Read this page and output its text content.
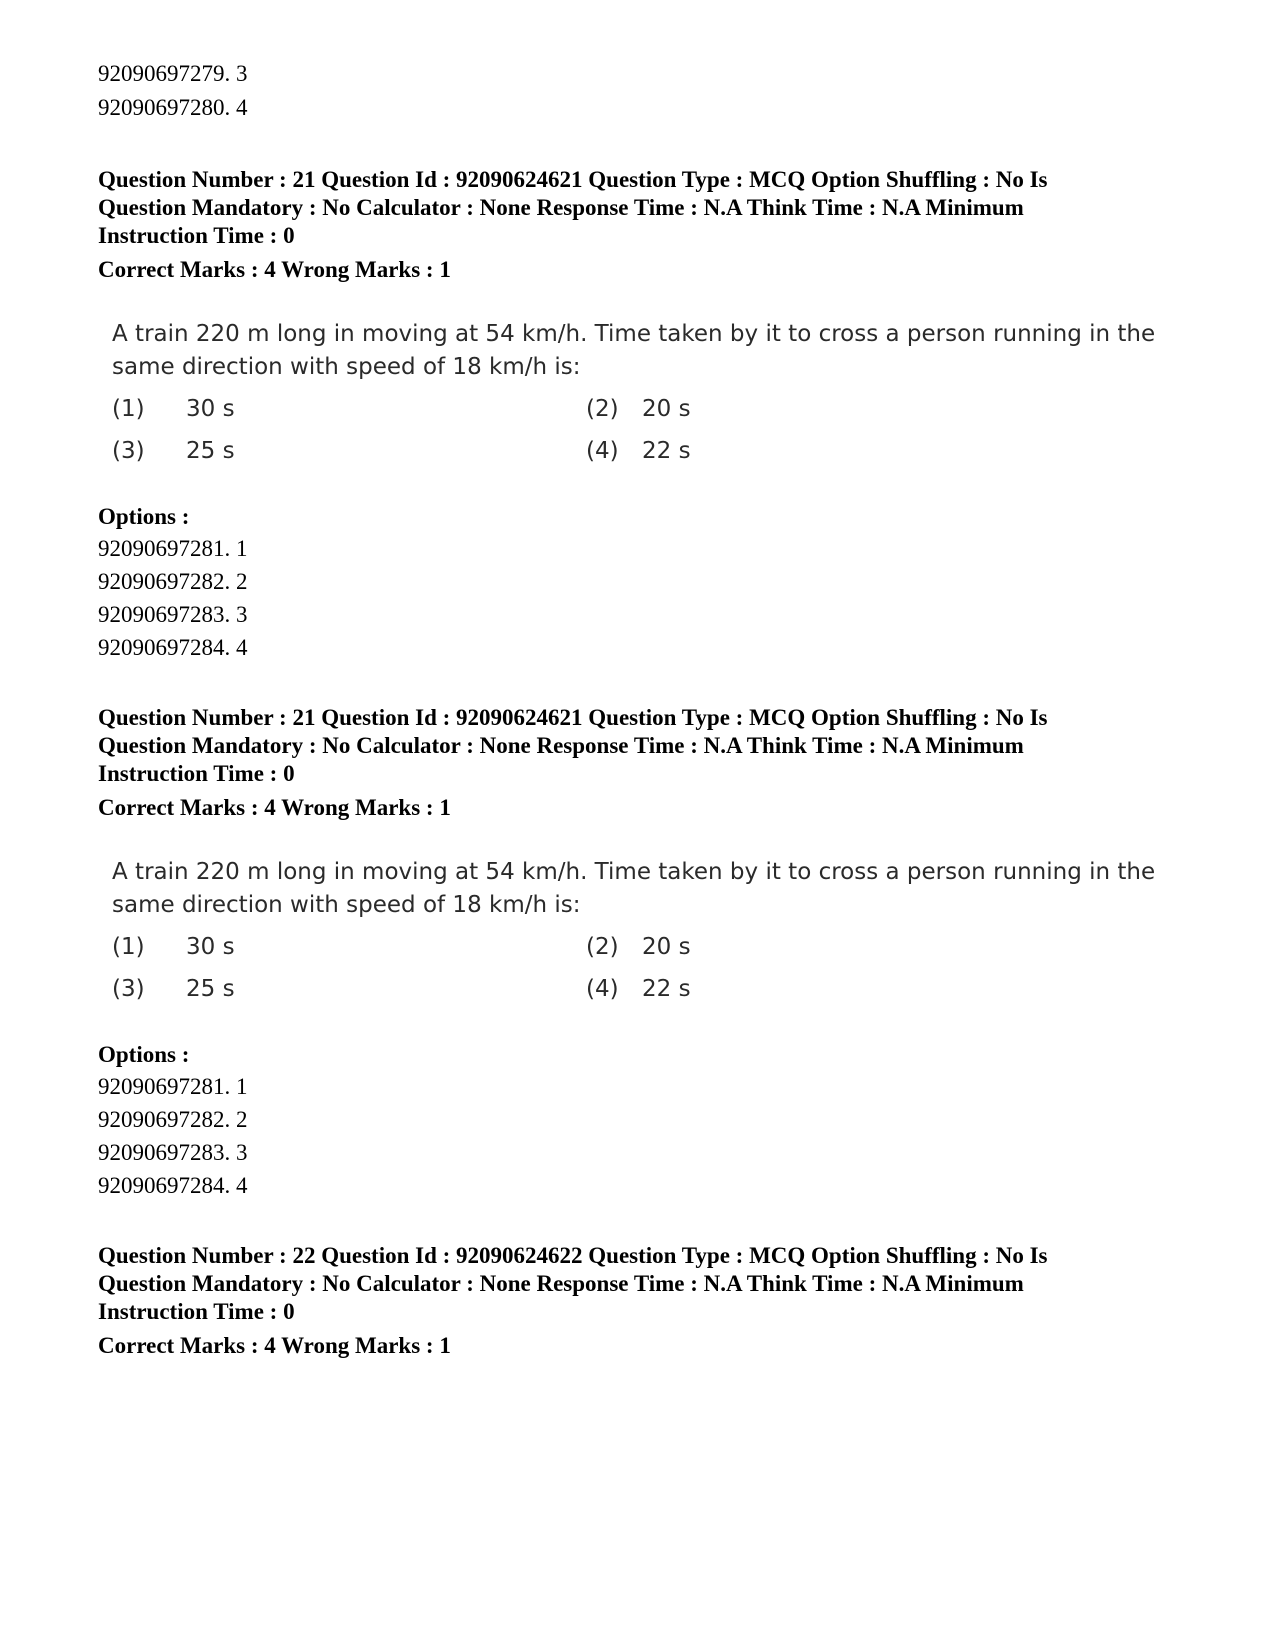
92090697279. 3
92090697280. 4
Question Number : 21 Question Id : 92090624621 Question Type : MCQ Option Shuffling : No Is
Question Mandatory : No Calculator : None Response Time : N.A Think Time : N.A Minimum
Instruction Time : 0
Correct Marks : 4 Wrong Marks : 1
A train 220 m long in moving at 54 km/h. Time taken by it to cross a person running in the
same direction with speed of 18 km/h is:
(1) 30 s	(2) 20 s
(3) 25 s	(4) 22 s
Options :
92090697281. 1
92090697282. 2
92090697283. 3
92090697284. 4
Question Number : 21 Question Id : 92090624621 Question Type : MCQ Option Shuffling : No Is
Question Mandatory : No Calculator : None Response Time : N.A Think Time : N.A Minimum
Instruction Time : 0
Correct Marks : 4 Wrong Marks : 1
A train 220 m long in moving at 54 km/h. Time taken by it to cross a person running in the
same direction with speed of 18 km/h is:
(1) 30 s	(2) 20 s
(3) 25 s	(4) 22 s
Options :
92090697281. 1
92090697282. 2
92090697283. 3
92090697284. 4
Question Number : 22 Question Id : 92090624622 Question Type : MCQ Option Shuffling : No Is
Question Mandatory : No Calculator : None Response Time : N.A Think Time : N.A Minimum
Instruction Time : 0
Correct Marks : 4 Wrong Marks : 1
